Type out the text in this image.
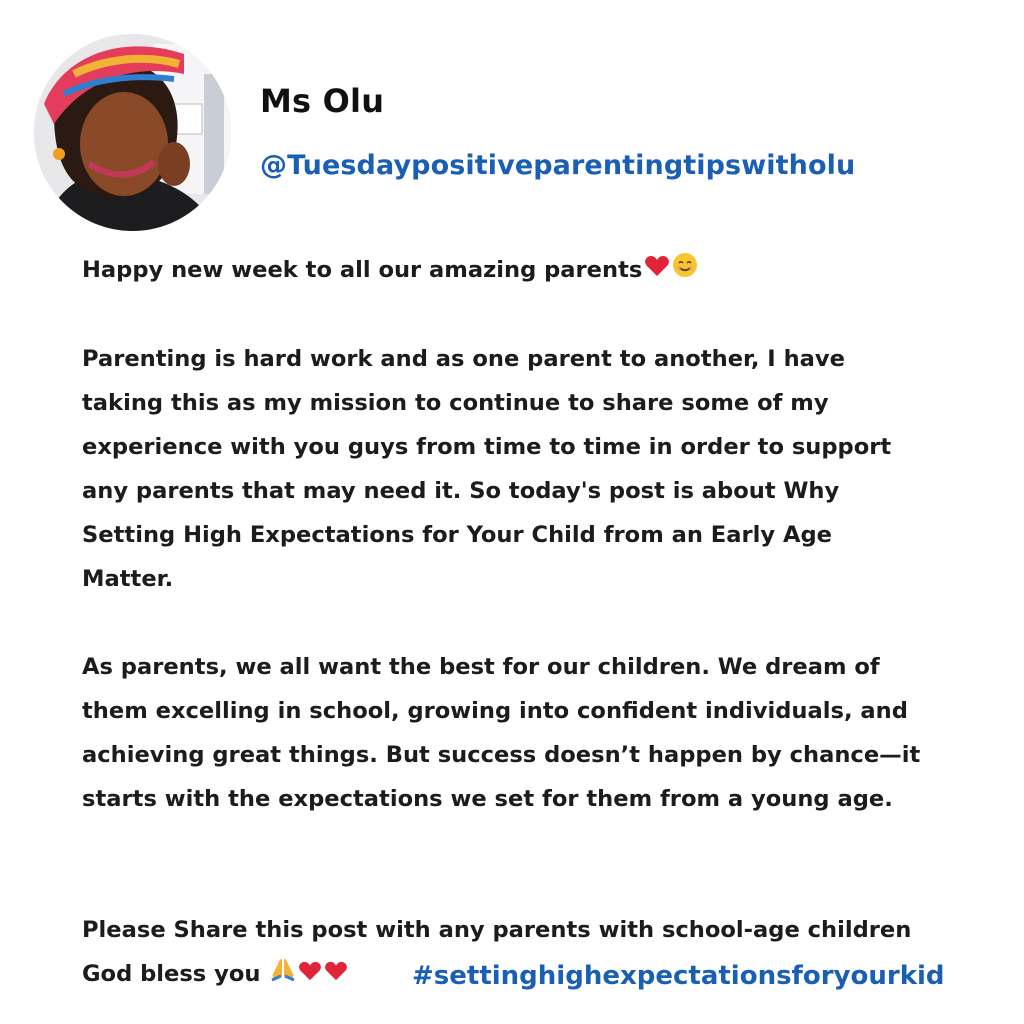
Ms Olu
@Tuesdaypositiveparentingtipswitholu
Happy new week to all our amazing parents
Parenting is hard work and as one parent to another, I have
taking this as my mission to continue to share some of my
experience with you guys from time to time in order to support
any parents that may need it. So today's post is about Why
Setting High Expectations for Your Child from an Early Age
Matter.
As parents, we all want the best for our children. We dream of
them excelling in school, growing into confident individuals, and
achieving great things. But success doesn’t happen by chance—it
starts with the expectations we set for them from a young age.
Please Share this post with any parents with school-age children
God bless you	#settinghighexpectationsforyourkid
